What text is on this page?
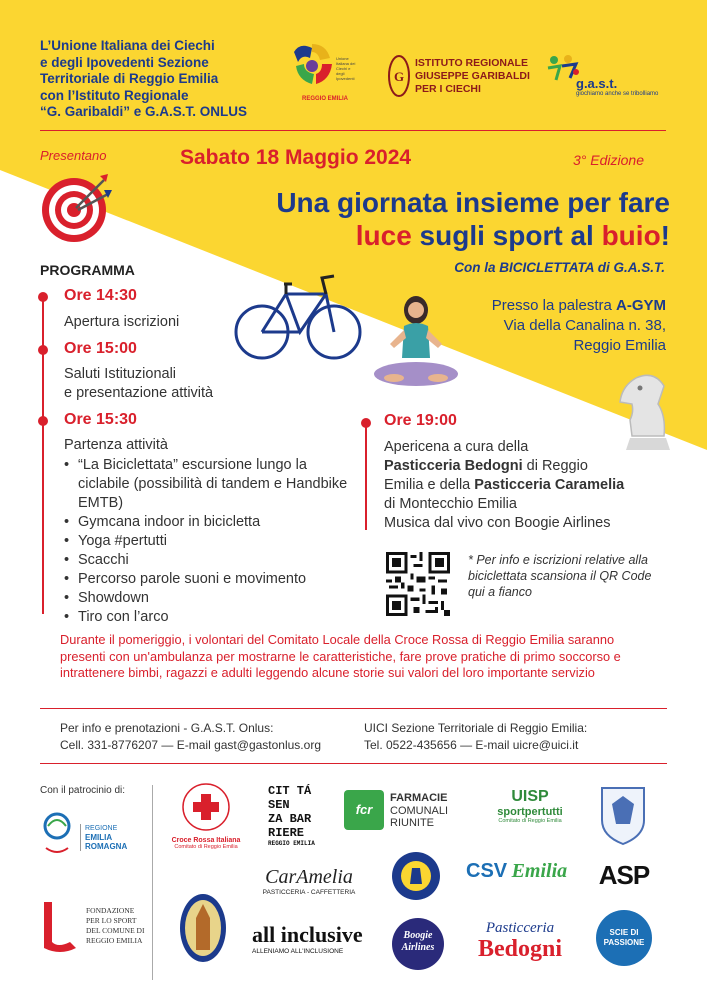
L’Unione Italiana dei Ciechi
e degli Ipovedenti Sezione
Territoriale di Reggio Emilia
con l’Istituto Regionale
“G. Garibaldi” e G.A.S.T. ONLUS
Unione
Italiana dei
Ciechi e degli
Ipovedenti
REGGIO EMILIA
G
ISTITUTO REGIONALE
GIUSEPPE GARIBALDI
PER I CIECHI	g.a.s.t.
giochiamo anche se tribolliamo
Presentano	Sabato 18 Maggio 2024	3° Edizione
Una giornata insieme per fare
luce sugli sport al buio!
Con la BICICLETTATA di G.A.S.T.
Presso la palestra A-GYM
Via della Canalina n. 38,
Reggio Emilia
PROGRAMMA
Ore 14:30
Apertura iscrizioni
Ore 15:00
Saluti Istituzionali
e presentazione attività
Ore 15:30
Partenza attività
• “La Biciclettata” escursione lungo la ciclabile (possibilità di tandem e Handbike EMTB)
• Gymcana indoor in bicicletta
• Yoga #pertutti
• Scacchi
• Percorso parole suoni e movimento
• Showdown
• Tiro con l’arco
Ore 19:00
Apericena a cura della
Pasticceria Bedogni di Reggio
Emilia e della Pasticceria Caramelia
di Montecchio Emilia
Musica dal vivo con Boogie Airlines
* Per info e iscrizioni relative alla biciclettata scansiona il QR Code qui a fianco
Durante il pomeriggio, i volontari del Comitato Locale della Croce Rossa di Reggio Emilia saranno presenti con un'ambulanza per mostrarne le caratteristiche, fare prove pratiche di primo soccorso e intrattenere bimbi, ragazzi e adulti leggendo alcune storie sui valori del loro importante servizio
Per info e prenotazioni - G.A.S.T. Onlus:
Cell. 331-8776207 — E-mail gast@gastonlus.org
UICI Sezione Territoriale di Reggio Emilia:
Tel. 0522-435656 — E-mail uicre@uici.it
Con il patrocinio di:
REGIONE
EMILIA
ROMAGNA
FONDAZIONE
PER LO SPORT
DEL COMUNE DI
REGGIO EMILIA
Croce Rossa Italiana
Comitato di Reggio Emilia
CIT TÁ
SEN
ZA BAR
RIERE
REGGIO EMILIA
fcr
FARMACIE
COMUNALI
RIUNITE
UISP
sportpertutti
Comitato di Reggio Emilia
CarAmelia
PASTICCERIA - CAFFETTERIA
CSV Emilia	ASP
all inclusive
ALLENIAMO ALL'INCLUSIONE
Boogie Airlines
Pasticceria
Bedogni
SCIE DI
PASSIONE
